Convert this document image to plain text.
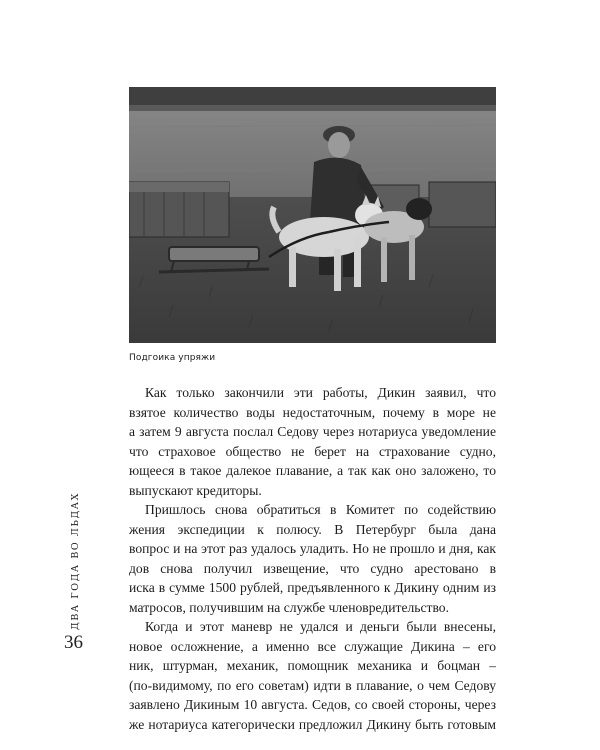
Подгоика упряжи
Как только закончили эти работы, Дикин заявил, что
взятое количество воды недостаточным, почему в море не
а затем 9 августа послал Седову через нотариуса уведомление
что страховое общество не берет на страхование судно,
ющееся в такое далекое плавание, а так как оно заложено, то
выпускают кредиторы.
Пришлось снова обратиться в Комитет по содействию
жения экспедиции к полюсу. В Петербург была дана
вопрос и на этот раз удалось уладить. Но не прошло и дня, как
дов снова получил извещение, что судно арестовано в
иска в сумме 1500 рублей, предъявленного к Дикину одним из
матросов, получившим на службе членовредительство.
Когда и этот маневр не удался и деньги были внесены,
новое осложнение, а именно все служащие Дикина – его
ник, штурман, механик, помощник механика и боцман –
(по-видимому, по его советам) идти в плавание, о чем Седову
заявлено Дикиным 10 августа. Седов, со своей стороны, через
же нотариуса категорически предложил Дикину быть готовым
ДВА ГОДА ВО ЛЬДАХ
36
